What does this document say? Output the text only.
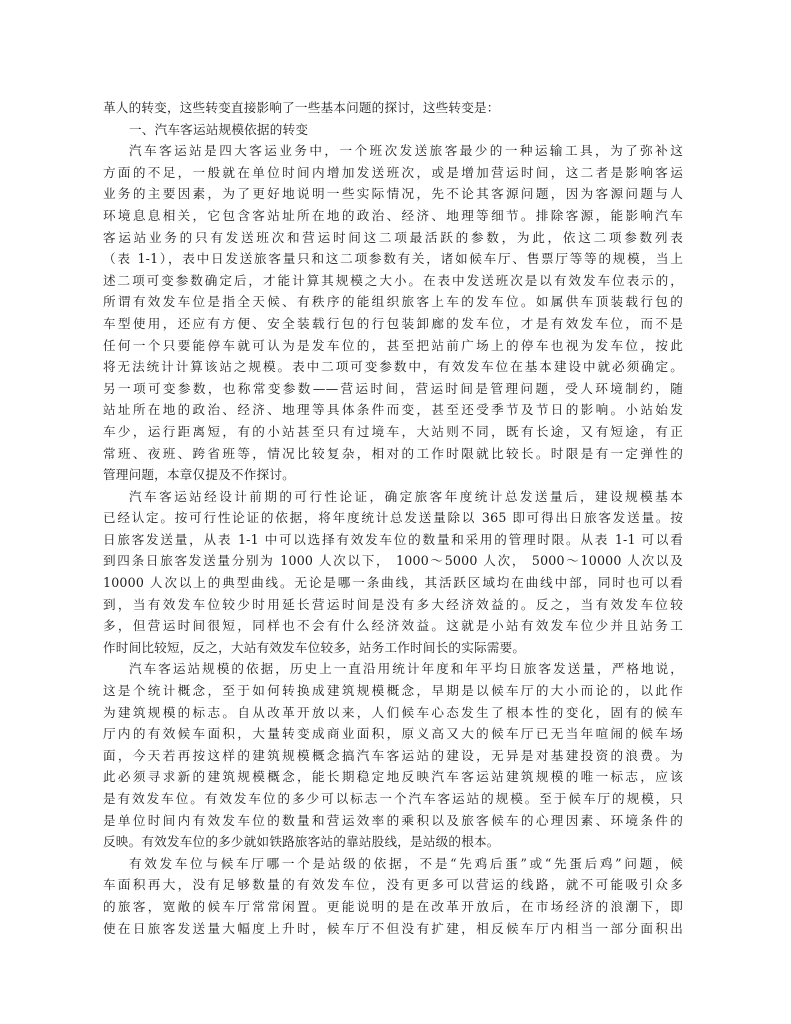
革人的转变，这些转变直接影响了一些基本问题的探讨，这些转变是：
一、汽车客运站规模依据的转变
汽车客运站是四大客运业务中，一个班次发送旅客最少的一种运输工具，为了弥补这
方面的不足，一般就在单位时间内增加发送班次，或是增加营运时间，这二者是影响客运
业务的主要因素，为了更好地说明一些实际情况，先不论其客源问题，因为客源问题与人
环境息息相关，它包含客站址所在地的政治、经济、地理等细节。排除客源，能影响汽车
客运站业务的只有发送班次和营运时间这二项最活跃的参数，为此，依这二项参数列表
（表 1-1），表中日发送旅客量只和这二项参数有关，诸如候车厅、售票厅等等的规模，当上
述二项可变参数确定后，才能计算其规模之大小。在表中发送班次是以有效发车位表示的，
所谓有效发车位是指全天候、有秩序的能组织旅客上车的发车位。如属供车顶装载行包的
车型使用，还应有方便、安全装载行包的行包装卸廊的发车位，才是有效发车位，而不是
任何一个只要能停车就可认为是发车位的，甚至把站前广场上的停车也视为发车位，按此
将无法统计计算该站之规模。表中二项可变参数中，有效发车位在基本建设中就必须确定。
另一项可变参数，也称常变参数——营运时间，营运时间是管理问题，受人环境制约，随
站址所在地的政治、经济、地理等具体条件而变，甚至还受季节及节日的影响。小站始发
车少，运行距离短，有的小站甚至只有过境车，大站则不同，既有长途，又有短途，有正
常班、夜班、跨省班等，情况比较复杂，相对的工作时限就比较长。时限是有一定弹性的
管理问题，本章仅提及不作探讨。
汽车客运站经设计前期的可行性论证，确定旅客年度统计总发送量后，建设规模基本
已经认定。按可行性论证的依据，将年度统计总发送量除以 365 即可得出日旅客发送量。按
日旅客发送量，从表 1-1 中可以选择有效发车位的数量和采用的管理时限。从表 1-1 可以看
到四条日旅客发送量分别为 1000 人次以下， 1000～5000 人次， 5000～10000 人次以及
10000 人次以上的典型曲线。无论是哪一条曲线，其活跃区域均在曲线中部，同时也可以看
到，当有效发车位较少时用延长营运时间是没有多大经济效益的。反之，当有效发车位较
多，但营运时间很短，同样也不会有什么经济效益。这就是小站有效发车位少并且站务工
作时间比较短，反之，大站有效发车位较多，站务工作时间长的实际需要。
汽车客运站规模的依据，历史上一直沿用统计年度和年平均日旅客发送量，严格地说，
这是个统计概念，至于如何转换成建筑规模概念，早期是以候车厅的大小而论的，以此作
为建筑规模的标志。自从改革开放以来，人们候车心态发生了根本性的变化，固有的候车
厅内的有效候车面积，大量转变成商业面积，原义高又大的候车厅已无当年喧闹的候车场
面，今天若再按这样的建筑规模概念搞汽车客运站的建设，无异是对基建投资的浪费。为
此必须寻求新的建筑规模概念，能长期稳定地反映汽车客运站建筑规模的唯一标志，应该
是有效发车位。有效发车位的多少可以标志一个汽车客运站的规模。至于候车厅的规模，只
是单位时间内有效发车位的数量和营运效率的乘积以及旅客候车的心理因素、环境条件的
反映。有效发车位的多少就如铁路旅客站的靠站股线，是站级的根本。
有效发车位与候车厅哪一个是站级的依据，不是“先鸡后蛋”或“先蛋后鸡”问题，候
车面积再大，没有足够数量的有效发车位，没有更多可以营运的线路，就不可能吸引众多
的旅客，宽敞的候车厅常常闲置。更能说明的是在改革开放后，在市场经济的浪潮下，即
使在日旅客发送量大幅度上升时，候车厅不但没有扩建，相反候车厅内相当一部分面积出
